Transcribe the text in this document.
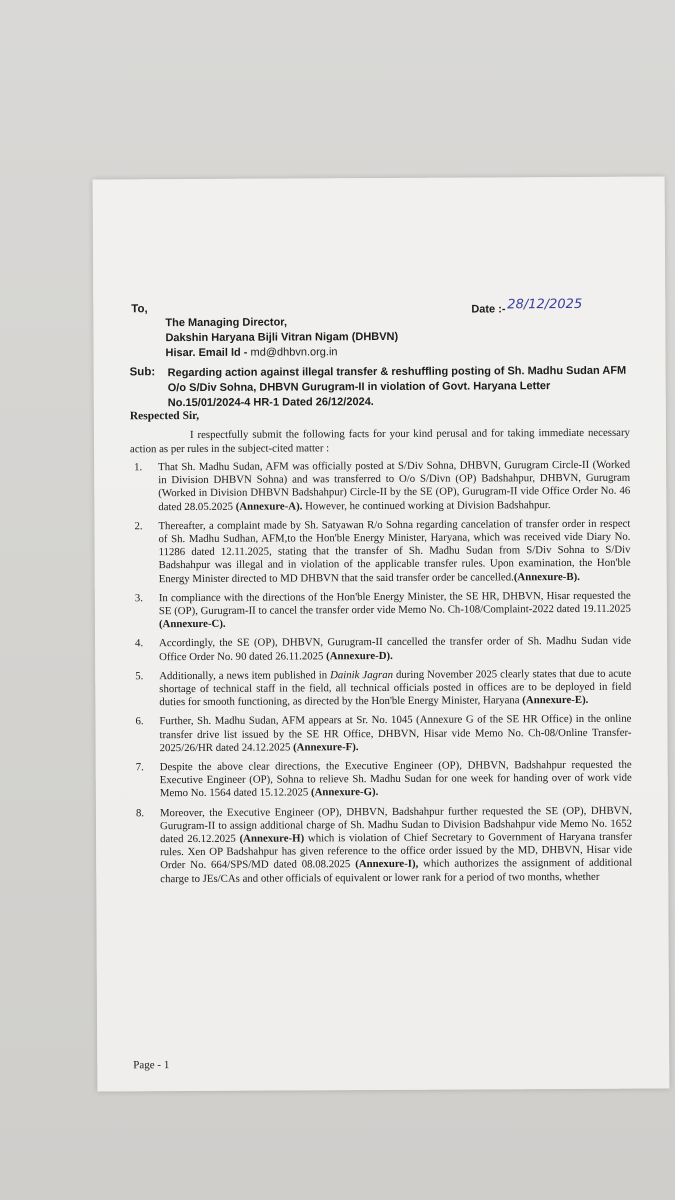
To,
The Managing Director,
Dakshin Haryana Bijli Vitran Nigam (DHBVN)
Hisar. Email Id - md@dhbvn.org.in
Date :- 28/12/2025
Sub: Regarding action against illegal transfer & reshuffling posting of Sh. Madhu Sudan AFM O/o S/Div Sohna, DHBVN Gurugram-II in violation of Govt. Haryana Letter No.15/01/2024-4 HR-1 Dated 26/12/2024.
Respected Sir,
I respectfully submit the following facts for your kind perusal and for taking immediate necessary action as per rules in the subject-cited matter :
1.	That Sh. Madhu Sudan, AFM was officially posted at S/Div Sohna, DHBVN, Gurugram Circle-II (Worked in Division DHBVN Sohna) and was transferred to O/o S/Divn (OP) Badshahpur, DHBVN, Gurugram (Worked in Division DHBVN Badshahpur) Circle-II by the SE (OP), Gurugram-II vide Office Order No. 46 dated 28.05.2025 (Annexure-A). However, he continued working at Division Badshahpur.
2.	Thereafter, a complaint made by Sh. Satyawan R/o Sohna regarding cancelation of transfer order in respect of Sh. Madhu Sudhan, AFM,to the Hon'ble Energy Minister, Haryana, which was received vide Diary No. 11286 dated 12.11.2025, stating that the transfer of Sh. Madhu Sudan from S/Div Sohna to S/Div Badshahpur was illegal and in violation of the applicable transfer rules. Upon examination, the Hon'ble Energy Minister directed to MD DHBVN that the said transfer order be cancelled.(Annexure-B).
3.	In compliance with the directions of the Hon'ble Energy Minister, the SE HR, DHBVN, Hisar requested the SE (OP), Gurugram-II to cancel the transfer order vide Memo No. Ch-108/Complaint-2022 dated 19.11.2025 (Annexure-C).
4.	Accordingly, the SE (OP), DHBVN, Gurugram-II cancelled the transfer order of Sh. Madhu Sudan vide Office Order No. 90 dated 26.11.2025 (Annexure-D).
5.	Additionally, a news item published in Dainik Jagran during November 2025 clearly states that due to acute shortage of technical staff in the field, all technical officials posted in offices are to be deployed in field duties for smooth functioning, as directed by the Hon'ble Energy Minister, Haryana (Annexure-E).
6.	Further, Sh. Madhu Sudan, AFM appears at Sr. No. 1045 (Annexure G of the SE HR Office) in the online transfer drive list issued by the SE HR Office, DHBVN, Hisar vide Memo No. Ch-08/Online Transfer-2025/26/HR dated 24.12.2025 (Annexure-F).
7.	Despite the above clear directions, the Executive Engineer (OP), DHBVN, Badshahpur requested the Executive Engineer (OP), Sohna to relieve Sh. Madhu Sudan for one week for handing over of work vide Memo No. 1564 dated 15.12.2025 (Annexure-G).
8.	Moreover, the Executive Engineer (OP), DHBVN, Badshahpur further requested the SE (OP), DHBVN, Gurugram-II to assign additional charge of Sh. Madhu Sudan to Division Badshahpur vide Memo No. 1652 dated 26.12.2025 (Annexure-H) which is violation of Chief Secretary to Government of Haryana transfer rules. Xen OP Badshahpur has given reference to the office order issued by the MD, DHBVN, Hisar vide Order No. 664/SPS/MD dated 08.08.2025 (Annexure-I), which authorizes the assignment of additional charge to JEs/CAs and other officials of equivalent or lower rank for a period of two months, whether
Page - 1
